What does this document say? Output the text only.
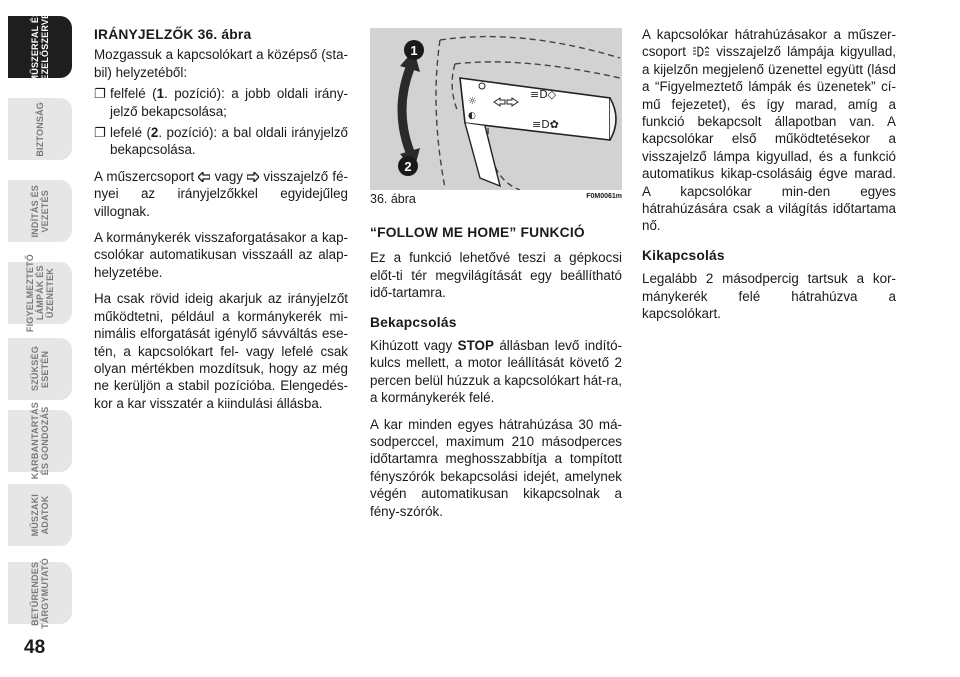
MŰSZERFAL ÉS
KEZELŐSZERVEK
BIZTONSÁG
INDÍTÁS ÉS
VEZETÉS
FIGYELMEZTETŐ
LÁMPÁK ÉS
ÜZENETEK
SZÜKSÉG ESETÉN
KARBANTARTÁS
ÉS GONDOZÁS
MŰSZAKI
ADATOK
BETŰRENDES
TÁRGYMUTATÓ
48
IRÁNYJELZŐK 36. ábra

Mozgassuk a kapcsolókart a középső (sta-bil) helyzetéből:

❐ felfelé (1. pozíció): a jobb oldali irány-jelző bekapcsolása;
❐ lefelé (2. pozíció): a bal oldali irányjelző bekapcsolása.

A műszercsoport  vagy  visszajelző fé-nyei az irányjelzőkkel egyidejűleg villognak.

A kormánykerék visszaforgatásakor a kap-csolókar automatikusan visszaáll az alap-helyzetébe.

Ha csak rövid ideig akarjuk az irányjelzőt működtetni, például a kormánykerék mi-nimális elforgatását igénylő sávváltás ese-tén, a kapcsolókart fel- vagy lefelé csak olyan mértékben mozdítsuk, hogy az még ne kerüljön a stabil pozícióba. Elengedés-kor a kar visszatér a kiindulási állásba.

☼
◐
≡D◇
≡D✿
1
2
36. ábra	F0M0061m
“FOLLOW ME HOME” FUNKCIÓ

Ez a funkció lehetővé teszi a gépkocsi előt-ti tér megvilágítását egy beállítható idő-tartamra.

Bekapcsolás

Kihúzott vagy STOP állásban levő indító-kulcs mellett, a motor leállítását követő 2 percen belül húzzuk a kapcsolókart hát-ra, a kormánykerék felé.

A kar minden egyes hátrahúzása 30 má-sodperccel, maximum 210 másodperces időtartamra meghosszabbítja a tompított fényszórók bekapcsolási idejét, amelynek végén automatikusan kikapcsolnak a fény-szórók.

A kapcsolókar hátrahúzásakor a műszer-csoport  visszajelző lámpája kigyullad, a kijelzőn megjelenő üzenettel együtt (lásd a “Figyelmeztető lámpák és üzenetek” cí-mű fejezetet), és így marad, amíg a funkció bekapcsolt állapotban van. A kapcsolókar első működtetésekor a visszajelző lámpa kigyullad, és a funkció automatikus kikap-csolásáig égve marad. A kapcsolókar min-den egyes hátrahúzására csak a világítás időtartama nő.

Kikapcsolás

Legalább 2 másodpercig tartsuk a kor-mánykerék felé hátrahúzva a kapcsolókart.
